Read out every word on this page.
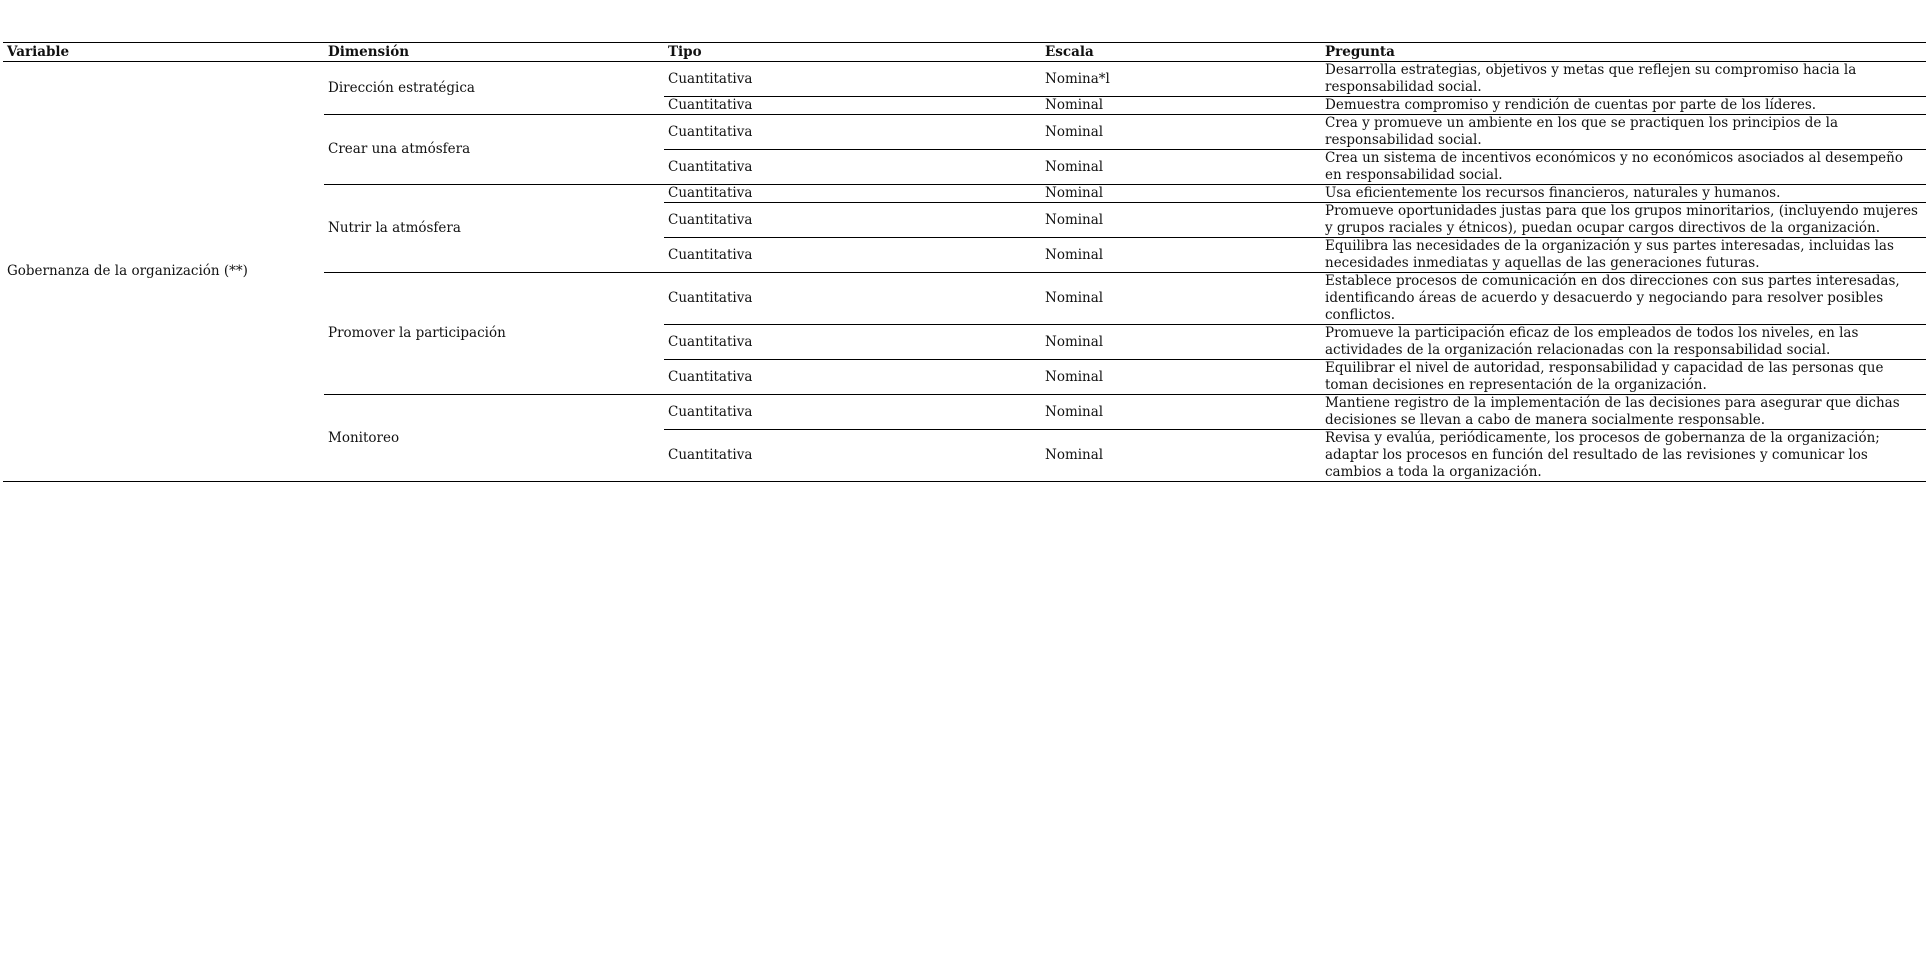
Variable	Dimensión	Tipo	Escala	Pregunta
Gobernanza de la organización (**)	Dirección estratégica	Cuantitativa	Nomina*l	Desarrolla estrategias, objetivos y metas que reflejen su compromiso hacia la responsabilidad social.
		Cuantitativa	Nominal	Demuestra compromiso y rendición de cuentas por parte de los líderes.
	Crear una atmósfera	Cuantitativa	Nominal	Crea y promueve un ambiente en los que se practiquen los principios de la responsabilidad social.
		Cuantitativa	Nominal	Crea un sistema de incentivos económicos y no económicos asociados al desempeño en responsabilidad social.
	Nutrir la atmósfera	Cuantitativa	Nominal	Usa eficientemente los recursos financieros, naturales y humanos.
		Cuantitativa	Nominal	Promueve oportunidades justas para que los grupos minoritarios, (incluyendo mujeres y grupos raciales y étnicos), puedan ocupar cargos directivos de la organización.
		Cuantitativa	Nominal	Equilibra las necesidades de la organización y sus partes interesadas, incluidas las necesidades inmediatas y aquellas de las generaciones futuras.
	Promover la participación	Cuantitativa	Nominal	Establece procesos de comunicación en dos direcciones con sus partes interesadas, identificando áreas de acuerdo y desacuerdo y negociando para resolver posibles conflictos.
		Cuantitativa	Nominal	Promueve la participación eficaz de los empleados de todos los niveles, en las actividades de la organización relacionadas con la responsabilidad social.
		Cuantitativa	Nominal	Equilibrar el nivel de autoridad, responsabilidad y capacidad de las personas que toman decisiones en representación de la organización.
	Monitoreo	Cuantitativa	Nominal	Mantiene registro de la implementación de las decisiones para asegurar que dichas decisiones se llevan a cabo de manera socialmente responsable.
		Cuantitativa	Nominal	Revisa y evalúa, periódicamente, los procesos de gobernanza de la organización; adaptar los procesos en función del resultado de las revisiones y comunicar los cambios a toda la organización.
